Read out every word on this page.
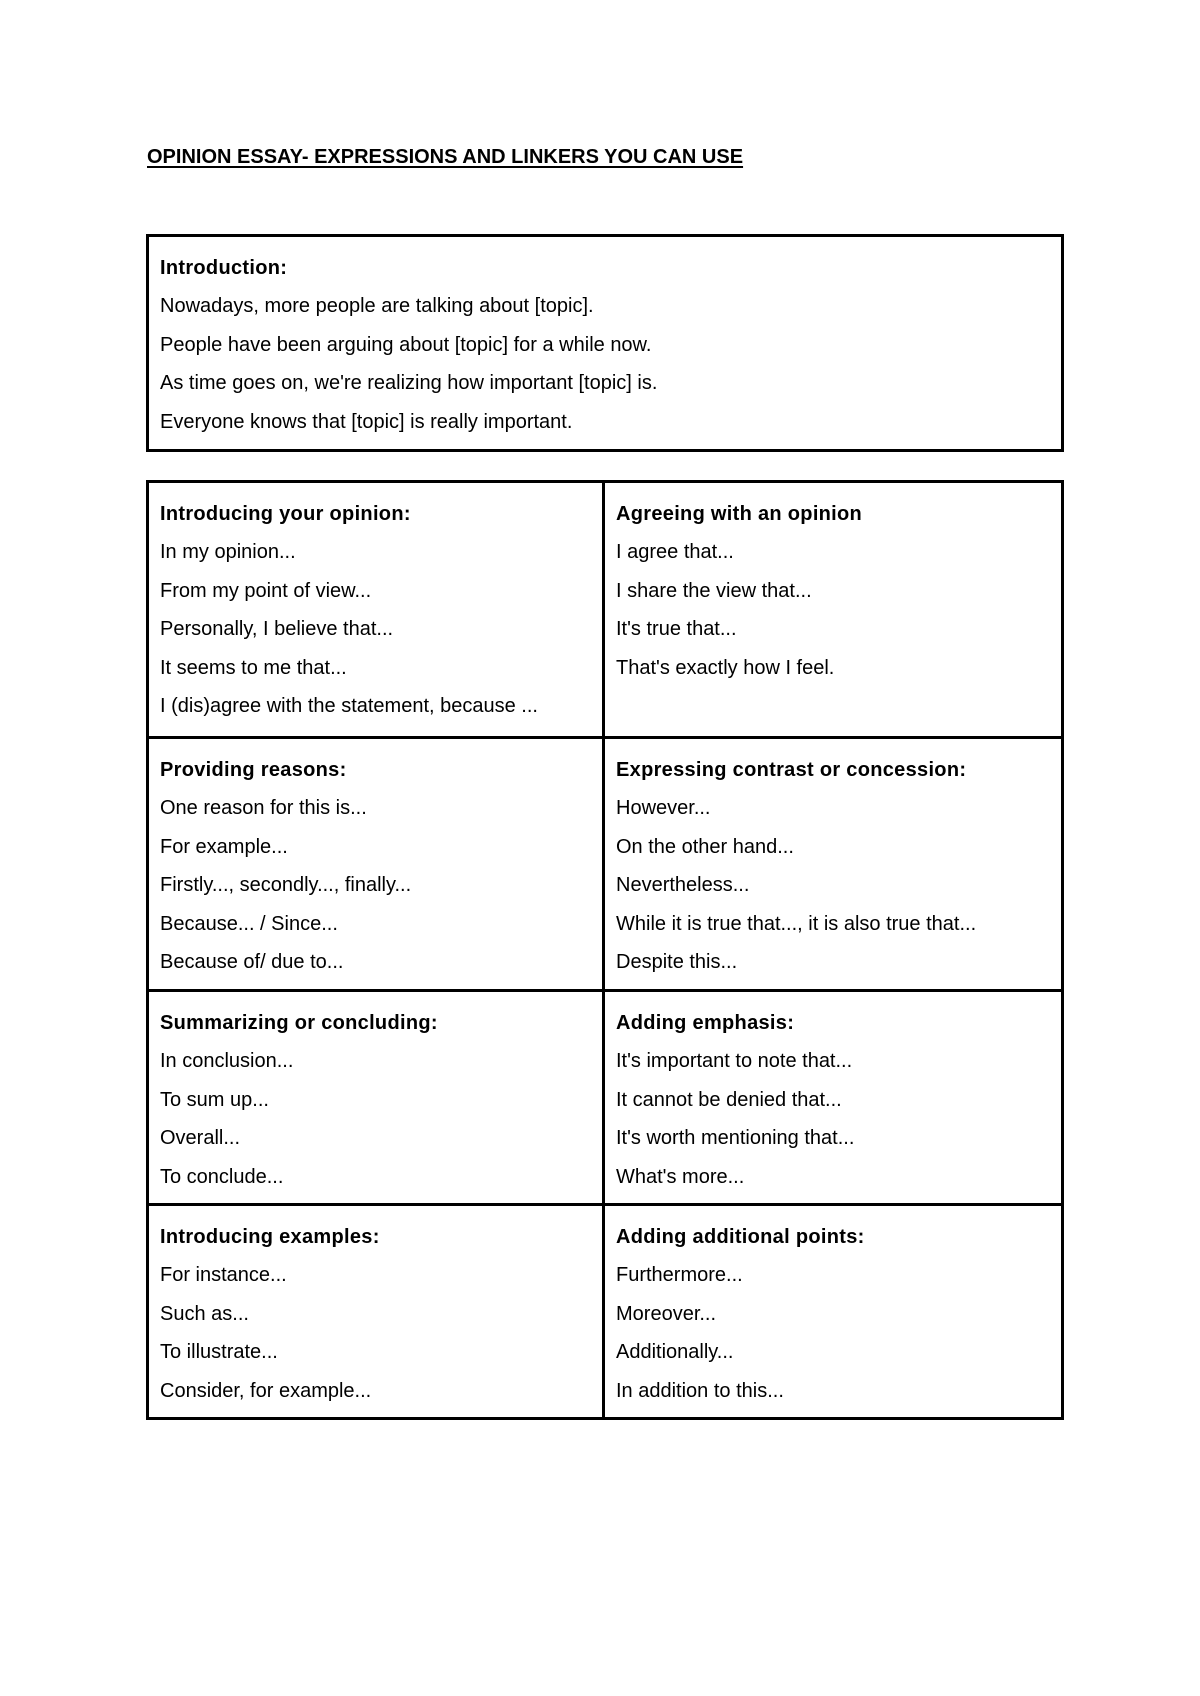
OPINION ESSAY- EXPRESSIONS AND LINKERS YOU CAN USE
Introduction:
Nowadays, more people are talking about [topic].
People have been arguing about [topic] for a while now.
As time goes on, we're realizing how important [topic] is.
Everyone knows that [topic] is really important.
Introducing your opinion:
In my opinion...
From my point of view...
Personally, I believe that...
It seems to me that...
I (dis)agree with the statement, because ...
Agreeing with an opinion
I agree that...
I share the view that...
It's true that...
That's exactly how I feel.
Providing reasons:
One reason for this is...
For example...
Firstly..., secondly..., finally...
Because... / Since...
Because of/ due to...
Expressing contrast or concession:
However...
On the other hand...
Nevertheless...
While it is true that..., it is also true that...
Despite this...
Summarizing or concluding:
In conclusion...
To sum up...
Overall...
To conclude...
Adding emphasis:
It's important to note that...
It cannot be denied that...
It's worth mentioning that...
What's more...
Introducing examples:
For instance...
Such as...
To illustrate...
Consider, for example...
Adding additional points:
Furthermore...
Moreover...
Additionally...
In addition to this...
